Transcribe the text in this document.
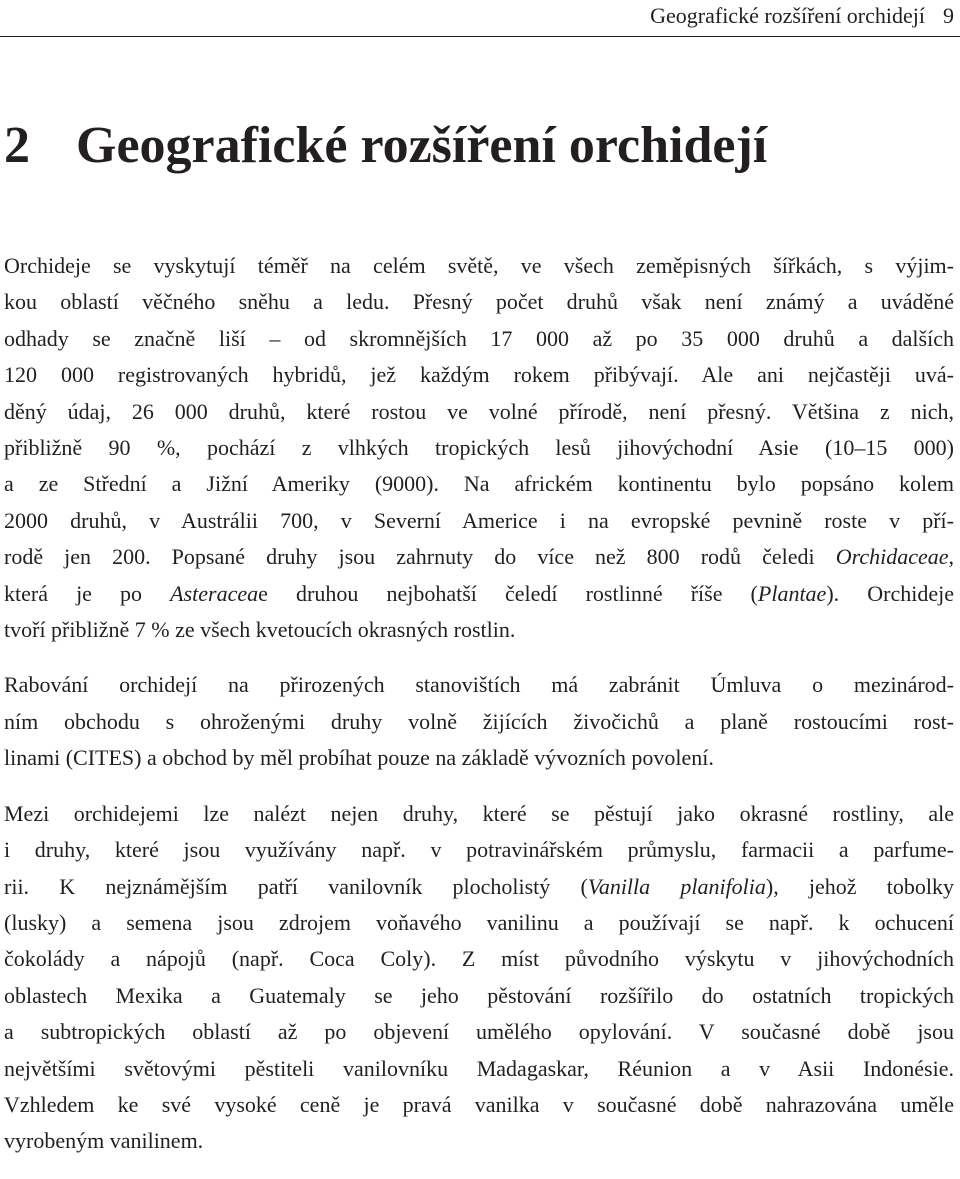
Geografické rozšíření orchidejí 9
2 Geografické rozšíření orchidejí

Orchideje se vyskytují téměř na celém světě, ve všech zeměpisných šířkách, s výjim-
kou oblastí věčného sněhu a ledu. Přesný počet druhů však není známý a uváděné
odhady se značně liší – od skromnějších 17 000 až po 35 000 druhů a dalších
120 000 registrovaných hybridů, jež každým rokem přibývají. Ale ani nejčastěji uvá-
děný údaj, 26 000 druhů, které rostou ve volné přírodě, není přesný. Většina z nich,
přibližně 90 %, pochází z vlhkých tropických lesů jihovýchodní Asie (10–15 000)
a ze Střední a Jižní Ameriky (9000). Na africkém kontinentu bylo popsáno kolem
2000 druhů, v Austrálii 700, v Severní Americe i na evropské pevnině roste v pří-
rodě jen 200. Popsané druhy jsou zahrnuty do více než 800 rodů čeledi Orchidaceae,
která je po Asteraceae druhou nejbohatší čeledí rostlinné říše (Plantae). Orchideje
tvoří přibližně 7 % ze všech kvetoucích okrasných rostlin.

Rabování orchidejí na přirozených stanovištích má zabránit Úmluva o mezinárod-
ním obchodu s ohroženými druhy volně žijících živočichů a planě rostoucími rost-
linami (CITES) a obchod by měl probíhat pouze na základě vývozních povolení.

Mezi orchidejemi lze nalézt nejen druhy, které se pěstují jako okrasné rostliny, ale
i druhy, které jsou využívány např. v potravinářském průmyslu, farmacii a parfume-
rii. K nejznámějším patří vanilovník plocholistý (Vanilla planifolia), jehož tobolky
(lusky) a semena jsou zdrojem voňavého vanilinu a používají se např. k ochucení
čokolády a nápojů (např. Coca Coly). Z míst původního výskytu v jihovýchodních
oblastech Mexika a Guatemaly se jeho pěstování rozšířilo do ostatních tropických
a subtropických oblastí až po objevení umělého opylování. V současné době jsou
největšími světovými pěstiteli vanilovníku Madagaskar, Réunion a v Asii Indonésie.
Vzhledem ke své vysoké ceně je pravá vanilka v současné době nahrazována uměle
vyrobeným vanilinem.
